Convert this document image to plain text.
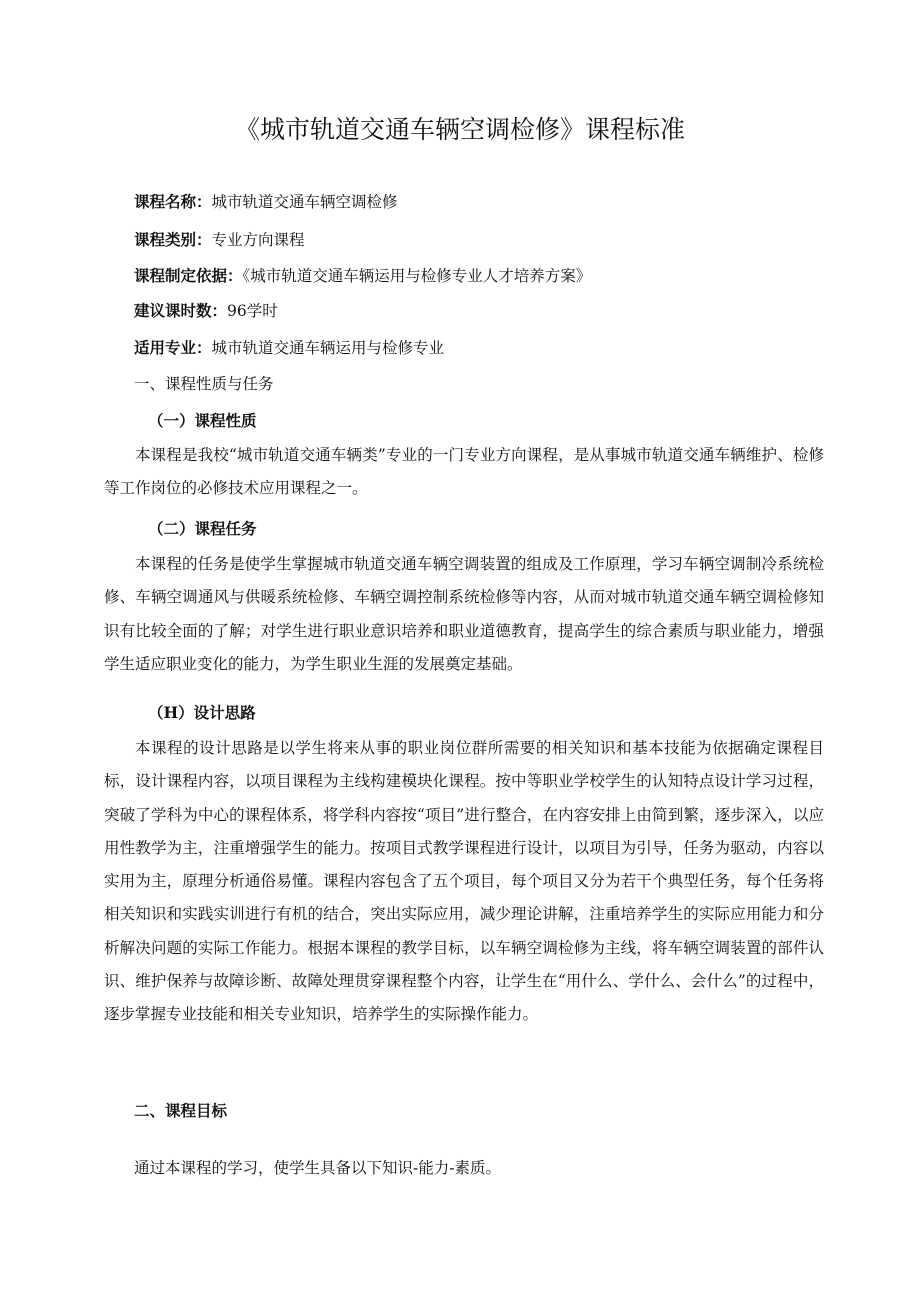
《城市轨道交通车辆空调检修》课程标准
课程名称：城市轨道交通车辆空调检修
课程类别：专业方向课程
课程制定依据：《城市轨道交通车辆运用与检修专业人才培养方案》
建议课时数：96学时
适用专业：城市轨道交通车辆运用与检修专业
一、课程性质与任务
（一）课程性质

本课程是我校“城市轨道交通车辆类”专业的一门专业方向课程，是从事城市轨道交通车辆维护、检修等工作岗位的必修技术应用课程之一。

（二）课程任务

本课程的任务是使学生掌握城市轨道交通车辆空调装置的组成及工作原理，学习车辆空调制冷系统检修、车辆空调通风与供暖系统检修、车辆空调控制系统检修等内容，从而对城市轨道交通车辆空调检修知识有比较全面的了解；对学生进行职业意识培养和职业道德教育，提高学生的综合素质与职业能力，增强学生适应职业变化的能力，为学生职业生涯的发展奠定基础。

（H）设计思路

本课程的设计思路是以学生将来从事的职业岗位群所需要的相关知识和基本技能为依据确定课程目标，设计课程内容，以项目课程为主线构建模块化课程。按中等职业学校学生的认知特点设计学习过程，突破了学科为中心的课程体系，将学科内容按“项目”进行整合，在内容安排上由简到繁，逐步深入，以应用性教学为主，注重增强学生的能力。按项目式教学课程进行设计，以项目为引导，任务为驱动，内容以实用为主，原理分析通俗易懂。课程内容包含了五个项目，每个项目又分为若干个典型任务，每个任务将相关知识和实践实训进行有机的结合，突出实际应用，减少理论讲解，注重培养学生的实际应用能力和分析解决问题的实际工作能力。根据本课程的教学目标，以车辆空调检修为主线，将车辆空调装置的部件认识、维护保养与故障诊断、故障处理贯穿课程整个内容，让学生在“用什么、学什么、会什么”的过程中，逐步掌握专业技能和相关专业知识，培养学生的实际操作能力。

二、课程目标
通过本课程的学习，使学生具备以下知识-能力-素质。
